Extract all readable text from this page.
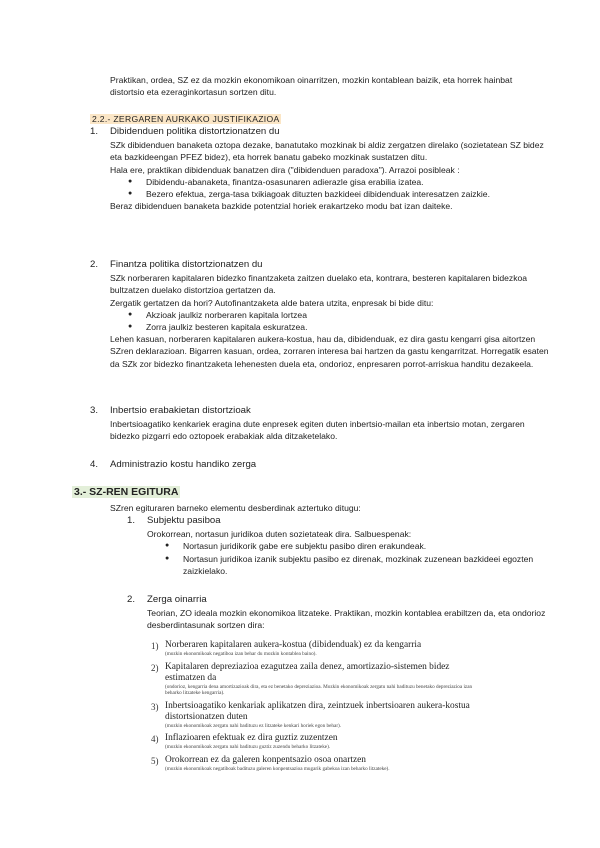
Praktikan, ordea, SZ ez da mozkin ekonomikoan oinarritzen, mozkin kontablean baizik, eta horrek hainbat distortsio eta ezeraginkortasun sortzen ditu.

2.2.- ZERGAREN AURKAKO JUSTIFIKAZIOA
1.	Dibidenduen politika distortzionatzen du

SZk dibidenduen banaketa oztopa dezake, banatutako mozkinak bi aldiz zergatzen direlako (sozietatean SZ bidez eta bazkideengan PFEZ bidez), eta horrek banatu gabeko mozkinak sustatzen ditu.

Hala ere, praktikan dibidenduak banatzen dira ("dibidenduen paradoxa"). Arrazoi posibleak :

● Dibidendu-abanaketa, finantza-osasunaren adierazle gisa erabilia izatea.
● Bezero efektua, zerga-tasa txikiagoak dituzten bazkideei dibidenduak interesatzen zaizkie.

Beraz dibidenduen banaketa bazkide potentzial horiek erakartzeko modu bat izan daiteke.

2.	Finantza politika distortzionatzen du

SZk norberaren kapitalaren bidezko finantzaketa zaitzen duelako eta, kontrara, besteren kapitalaren bidezkoa bultzatzen duelako distortzioa gertatzen da.

Zergatik gertatzen da hori? Autofinantzaketa alde batera utzita, enpresak bi bide ditu:

● Akzioak jaulkiz norberaren kapitala lortzea
● Zorra jaulkiz besteren kapitala eskuratzea.

Lehen kasuan, norberaren kapitalaren aukera-kostua, hau da, dibidenduak, ez dira gastu kengarri gisa aitortzen SZren deklarazioan. Bigarren kasuan, ordea, zorraren interesa bai hartzen da gastu kengarritzat. Horregatik esaten da SZk zor bidezko finantzaketa lehenesten duela eta, ondorioz, enpresaren porrot-arriskua handitu dezakeela.

3.	Inbertsio erabakietan distortzioak

Inbertsioagatiko kenkariek eragina dute enpresek egiten duten inbertsio-mailan eta inbertsio motan, zergaren bidezko pizgarri edo oztopoek erabakiak alda ditzaketelako.

4.	Administrazio kostu handiko zerga
3.- SZ-REN EGITURA

SZren egituraren barneko elementu desberdinak aztertuko ditugu:

1.	Subjektu pasiboa

Orokorrean, nortasun juridikoa duten sozietateak dira. Salbuespenak:

● Nortasun juridikorik gabe ere subjektu pasibo diren erakundeak.
● Nortasun juridikoa izanik subjektu pasibo ez direnak, mozkinak zuzenean bazkideei egozten zaizkielako.
2.	Zerga oinarria

Teorian, ZO ideala mozkin ekonomikoa litzateke. Praktikan, mozkin kontablea erabiltzen da, eta ondorioz desberdintasunak sortzen dira:

1) Norberaren kapitalaren aukera-kostua (dibidenduak) ez da kengarria
(mozkin ekonomikoak negatiboa izan behar du mozkin kontablea baino).
2) Kapitalaren depreziazioa ezagutzea zaila denez, amortizazio-sistemen bidez estimatzen da
(ondorioz, kengarria dena amortizazioak dira, eta ez benetako depreziazioa. Mozkin ekonomikoak zergatu nahi badituzu benetako depreziazioa izan beharko litzateke kengarria).
3) Inbertsioagatiko kenkariak aplikatzen dira, zeintzuek inbertsioaren aukera-kostua distortsionatzen duten
(mozkin ekonomikoak zergatu nahi badituzu ez litzateke kenkari horiek egon behar).
4) Inflazioaren efektuak ez dira guztiz zuzentzen
(mozkin ekonomikoak zergatu nahi badituzu guztiz zuzendu beharko litzateke).
5) Orokorrean ez da galeren konpentsazio osoa onartzen
(mozkin ekonomikoak negatiboak badituzu galeren konpentsazioa mugarik gabekoa izan beharko litzateke).
